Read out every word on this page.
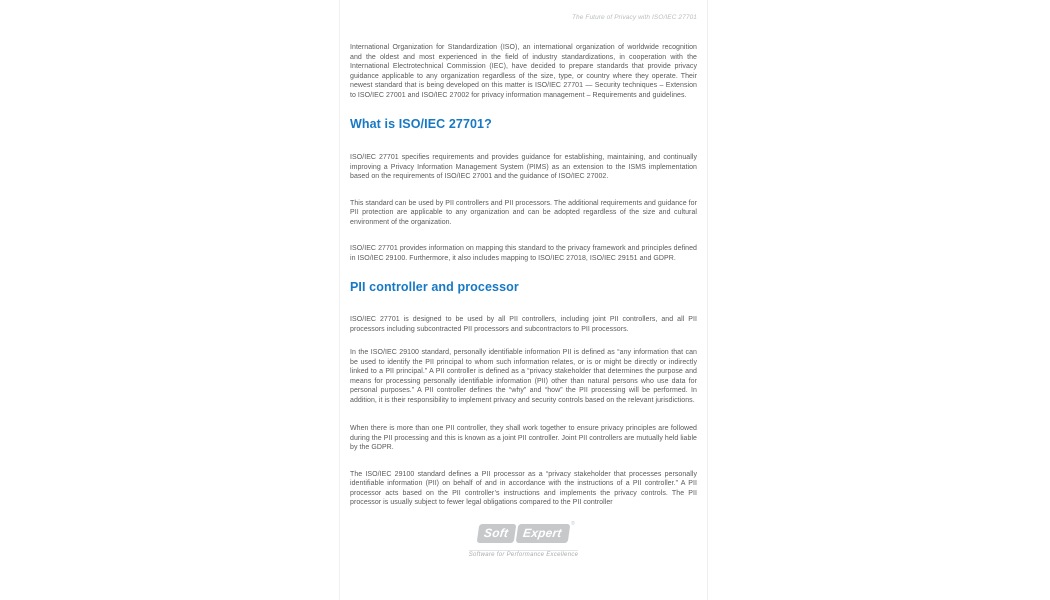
The Future of Privacy with ISO/IEC 27701

International Organization for Standardization (ISO), an international organization of worldwide recognition and the oldest and most experienced in the field of industry standardizations, in cooperation with the International Electrotechnical Commission (IEC), have decided to prepare standards that provide privacy guidance applicable to any organization regardless of the size, type, or country where they operate. Their newest standard that is being developed on this matter is ISO/IEC 27701 — Security techniques – Extension to ISO/IEC 27001 and ISO/IEC 27002 for privacy information management – Requirements and guidelines.

What is ISO/IEC 27701?

ISO/IEC 27701 specifies requirements and provides guidance for establishing, maintaining, and continually improving a Privacy Information Management System (PIMS) as an extension to the ISMS implementation based on the requirements of ISO/IEC 27001 and the guidance of ISO/IEC 27002.

This standard can be used by PII controllers and PII processors. The additional requirements and guidance for PII protection are applicable to any organization and can be adopted regardless of the size and cultural environment of the organization.

ISO/IEC 27701 provides information on mapping this standard to the privacy framework and principles defined in ISO/IEC 29100. Furthermore, it also includes mapping to ISO/IEC 27018, ISO/IEC 29151 and GDPR.

PII controller and processor

ISO/IEC 27701 is designed to be used by all PII controllers, including joint PII controllers, and all PII processors including subcontracted PII processors and subcontractors to PII processors.

In the ISO/IEC 29100 standard, personally identifiable information PII is defined as “any information that can be used to identify the PII principal to whom such information relates, or is or might be directly or indirectly linked to a PII principal.” A PII controller is defined as a “privacy stakeholder that determines the purpose and means for processing personally identifiable information (PII) other than natural persons who use data for personal purposes.” A PII controller defines the “why” and “how” the PII processing will be performed. In addition, it is their responsibility to implement privacy and security controls based on the relevant jurisdictions.

When there is more than one PII controller, they shall work together to ensure privacy principles are followed during the PII processing and this is known as a joint PII controller. Joint PII controllers are mutually held liable by the GDPR.

The ISO/IEC 29100 standard defines a PII processor as a “privacy stakeholder that processes personally identifiable information (PII) on behalf of and in accordance with the instructions of a PII controller.” A PII processor acts based on the PII controller’s instructions and implements the privacy controls. The PII processor is usually subject to fewer legal obligations compared to the PII controller

Soft Expert
®
Software for Performance Excellence
